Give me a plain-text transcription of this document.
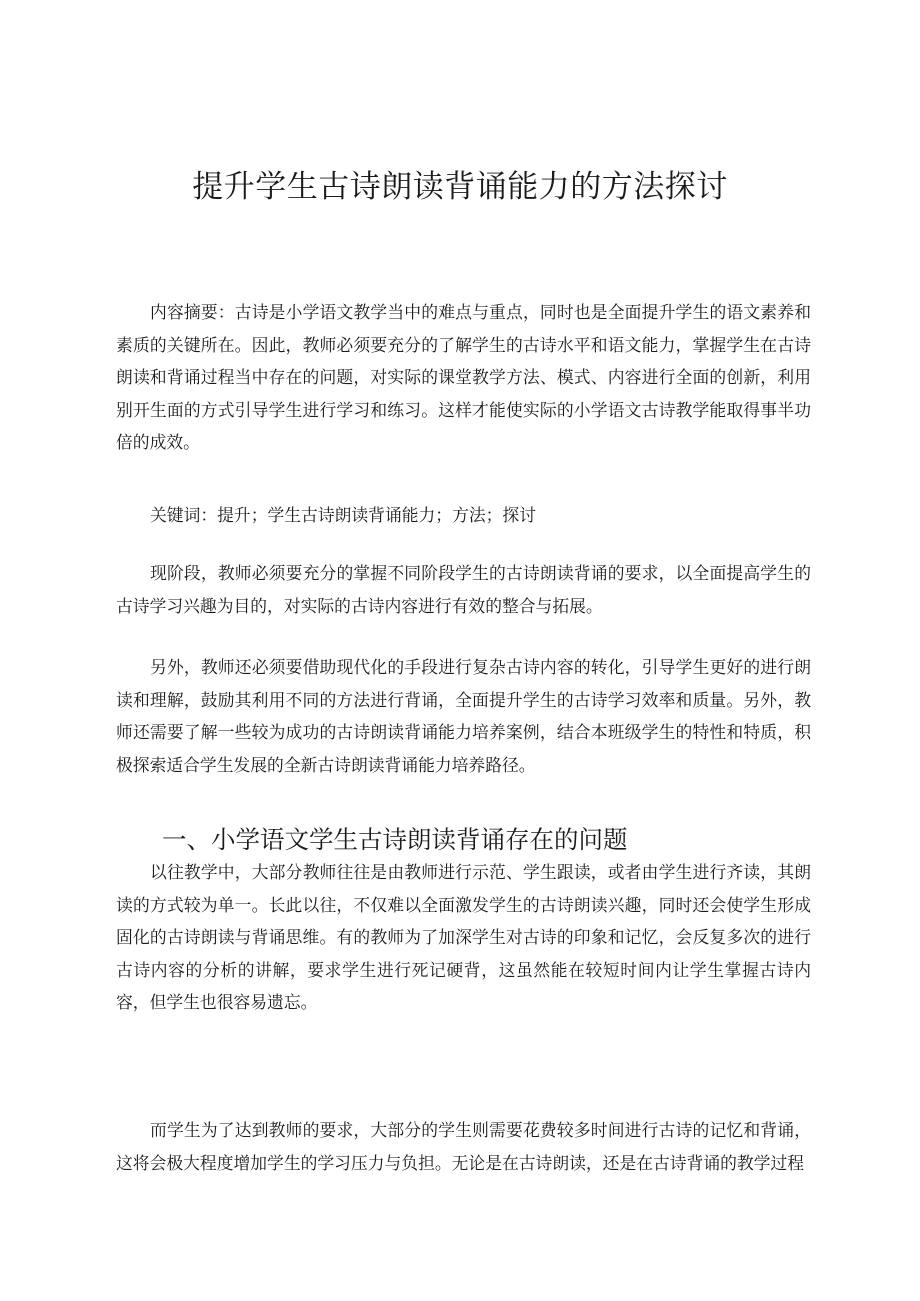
提升学生古诗朗读背诵能力的方法探讨

内容摘要：古诗是小学语文教学当中的难点与重点，同时也是全面提升学生的语文素养和素质的关键所在。因此，教师必须要充分的了解学生的古诗水平和语文能力，掌握学生在古诗朗读和背诵过程当中存在的问题，对实际的课堂教学方法、模式、内容进行全面的创新，利用别开生面的方式引导学生进行学习和练习。这样才能使实际的小学语文古诗教学能取得事半功倍的成效。

关键词：提升；学生古诗朗读背诵能力；方法；探讨

现阶段，教师必须要充分的掌握不同阶段学生的古诗朗读背诵的要求，以全面提高学生的古诗学习兴趣为目的，对实际的古诗内容进行有效的整合与拓展。

另外，教师还必须要借助现代化的手段进行复杂古诗内容的转化，引导学生更好的进行朗读和理解，鼓励其利用不同的方法进行背诵，全面提升学生的古诗学习效率和质量。另外，教师还需要了解一些较为成功的古诗朗读背诵能力培养案例，结合本班级学生的特性和特质，积极探索适合学生发展的全新古诗朗读背诵能力培养路径。

一、小学语文学生古诗朗读背诵存在的问题

以往教学中，大部分教师往往是由教师进行示范、学生跟读，或者由学生进行齐读，其朗读的方式较为单一。长此以往，不仅难以全面激发学生的古诗朗读兴趣，同时还会使学生形成固化的古诗朗读与背诵思维。有的教师为了加深学生对古诗的印象和记忆，会反复多次的进行古诗内容的分析的讲解，要求学生进行死记硬背，这虽然能在较短时间内让学生掌握古诗内容，但学生也很容易遗忘。

而学生为了达到教师的要求，大部分的学生则需要花费较多时间进行古诗的记忆和背诵，这将会极大程度增加学生的学习压力与负担。无论是在古诗朗读，还是在古诗背诵的教学过程
